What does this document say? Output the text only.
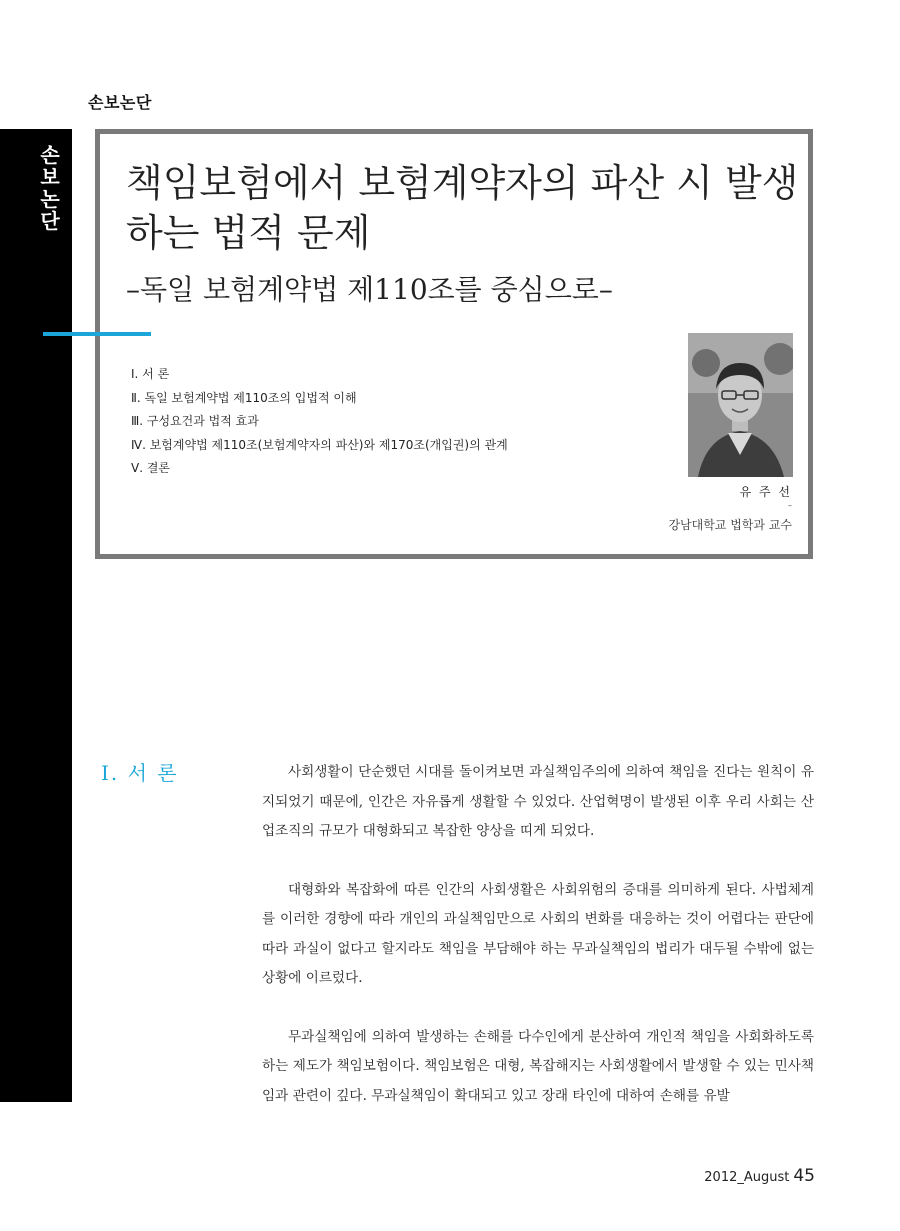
손보논단
손
보
논
단
책임보험에서 보험계약자의 파산 시 발생하는 법적 문제
–독일 보험계약법 제110조를 중심으로–
Ⅰ. 서 론
Ⅱ. 독일 보험계약법 제110조의 입법적 이해
Ⅲ. 구성요건과 법적 효과
Ⅳ. 보험계약법 제110조(보험계약자의 파산)와 제170조(개입권)의 관계
Ⅴ. 결론
유 주 선
–
강남대학교 법학과 교수
Ⅰ. 서 론	사회생활이 단순했던 시대를 돌이켜보면 과실책임주의에 의하여 책임을 진다는 원칙이 유지되었기 때문에, 인간은 자유롭게 생활할 수 있었다. 산업혁명이 발생된 이후 우리 사회는 산업조직의 규모가 대형화되고 복잡한 양상을 띠게 되었다.

대형화와 복잡화에 따른 인간의 사회생활은 사회위험의 증대를 의미하게 된다. 사법체계를 이러한 경향에 따라 개인의 과실책임만으로 사회의 변화를 대응하는 것이 어렵다는 판단에 따라 과실이 없다고 할지라도 책임을 부담해야 하는 무과실책임의 법리가 대두될 수밖에 없는 상황에 이르렀다.

무과실책임에 의하여 발생하는 손해를 다수인에게 분산하여 개인적 책임을 사회화하도록 하는 제도가 책임보험이다. 책임보험은 대형, 복잡해지는 사회생활에서 발생할 수 있는 민사책임과 관련이 깊다. 무과실책임이 확대되고 있고 장래 타인에 대하여 손해를 유발

2012_August 45
